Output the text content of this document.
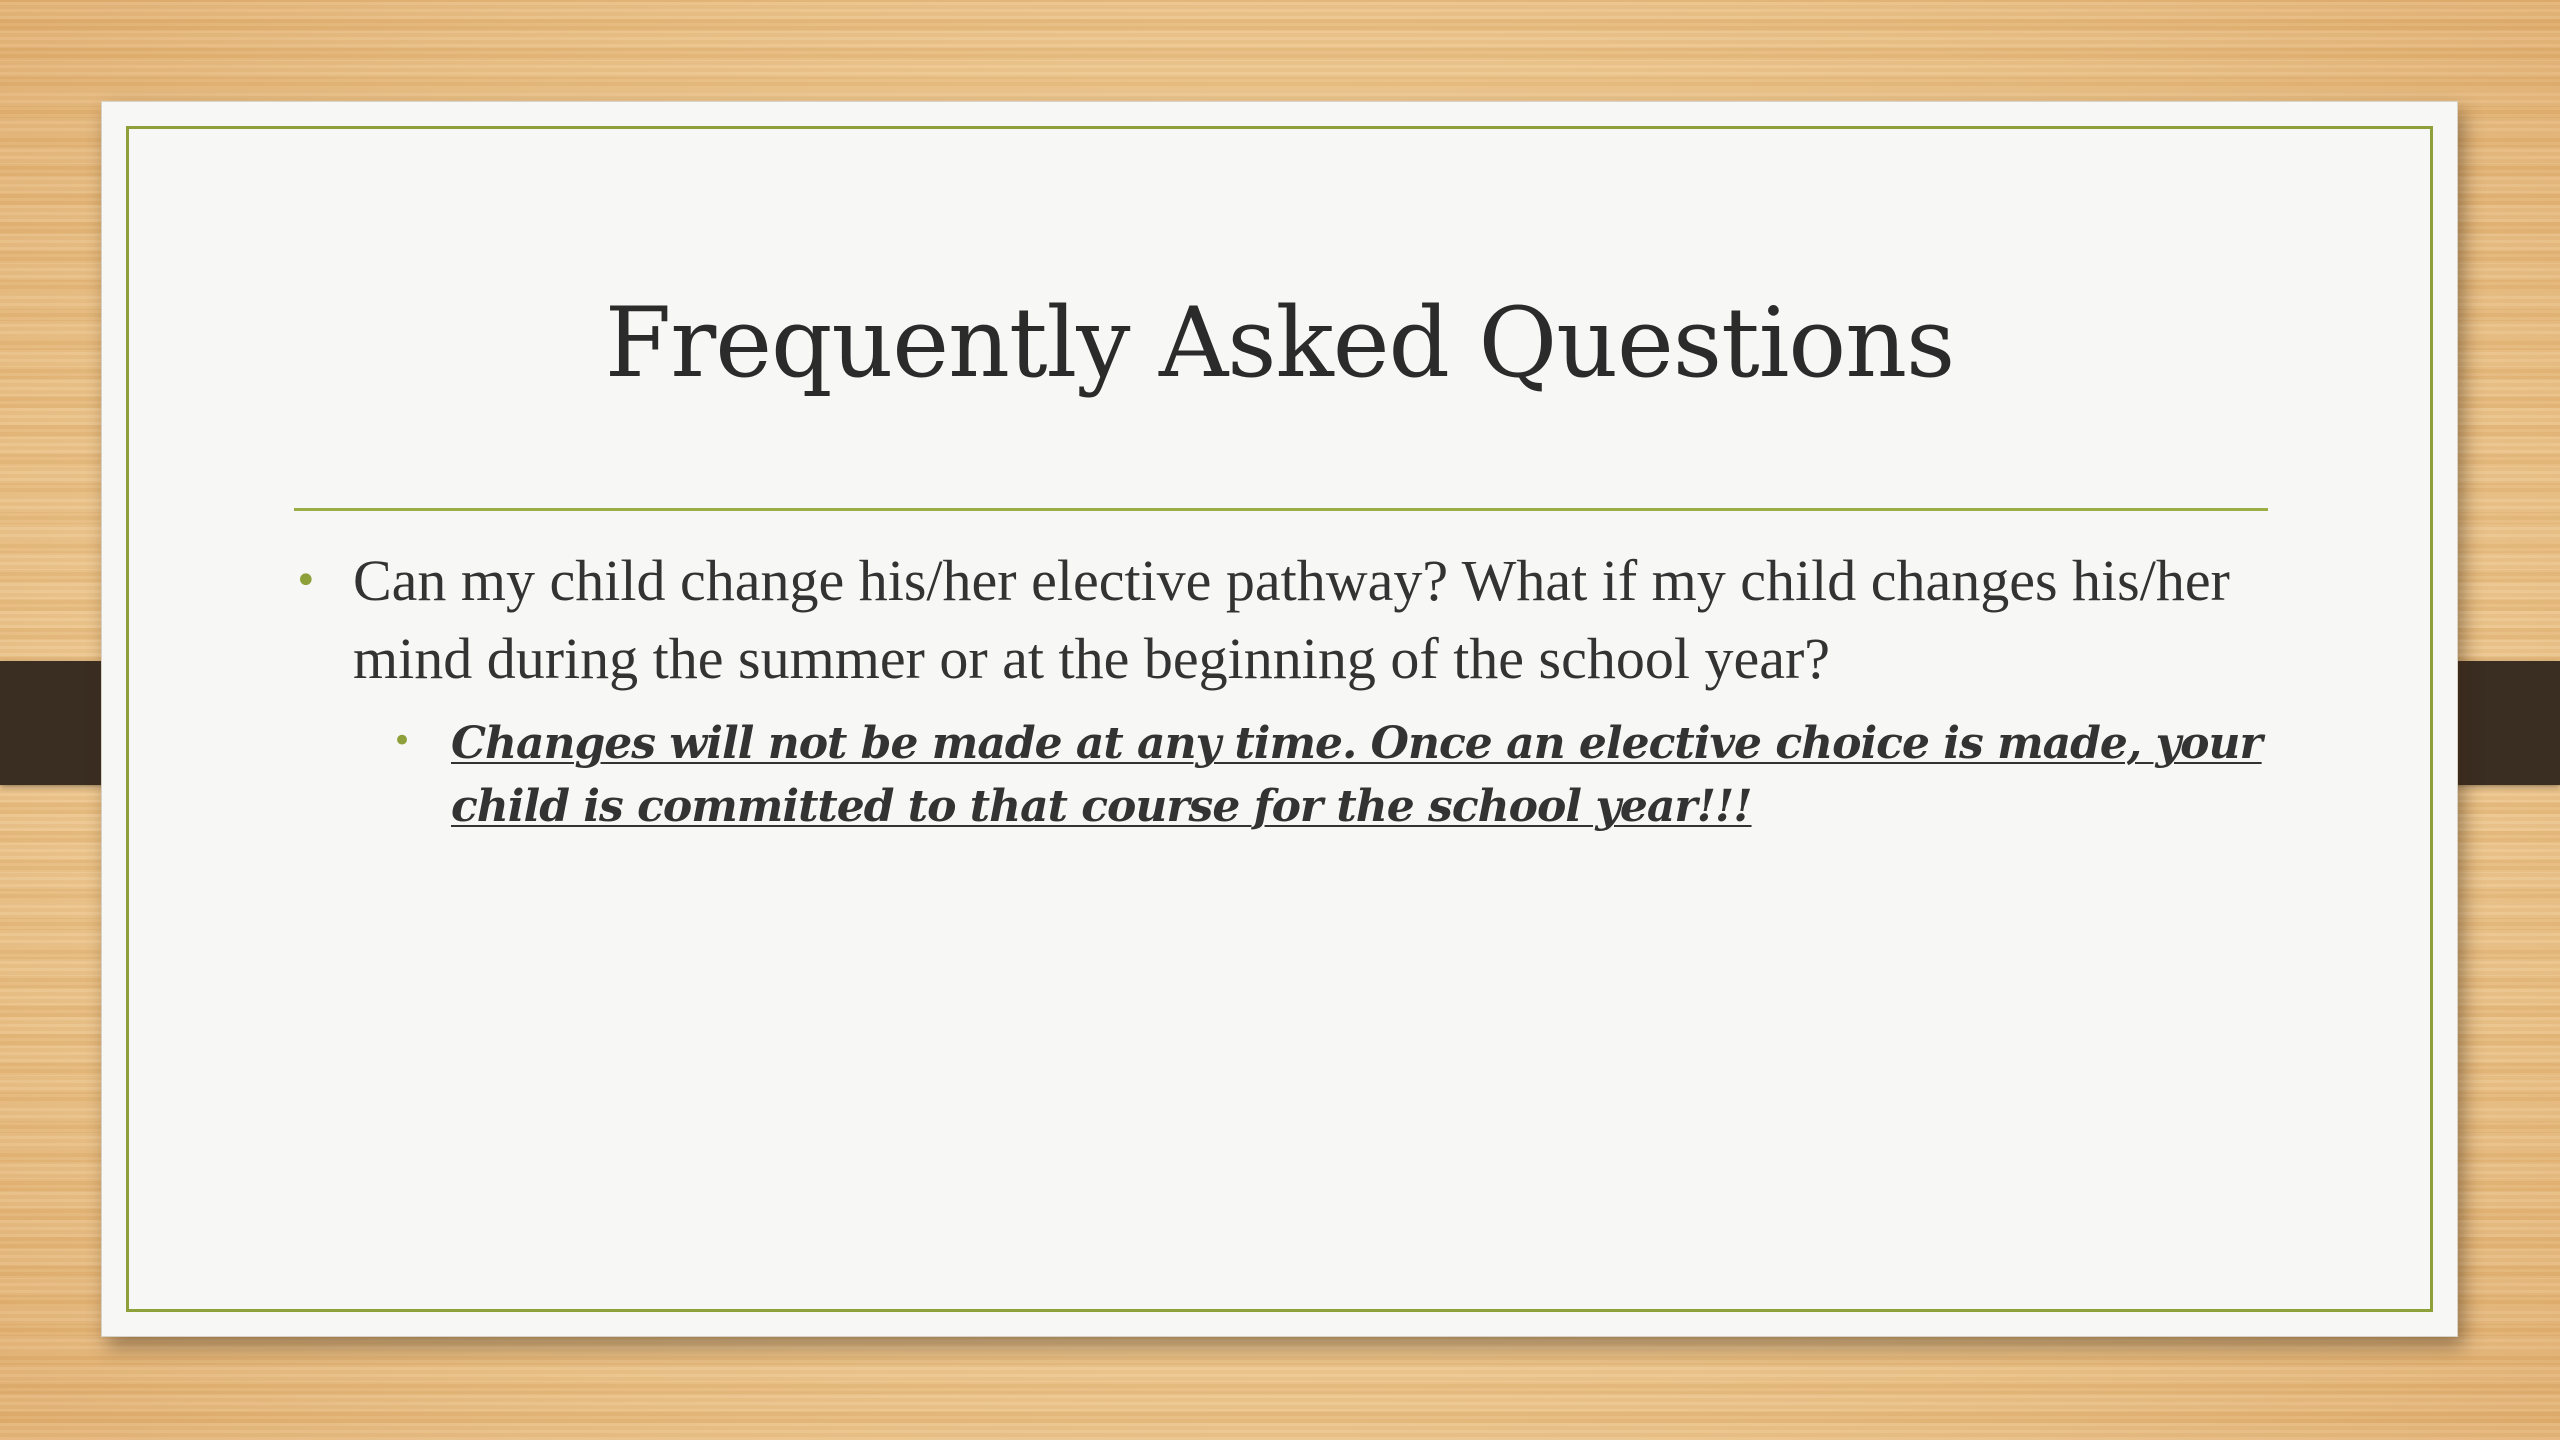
Frequently Asked Questions
• Can my child change his/her elective pathway? What if my child changes his/her mind during the summer or at the beginning of the school year?
• Changes will not be made at any time. Once an elective choice is made, your child is committed to that course for the school year!!!
